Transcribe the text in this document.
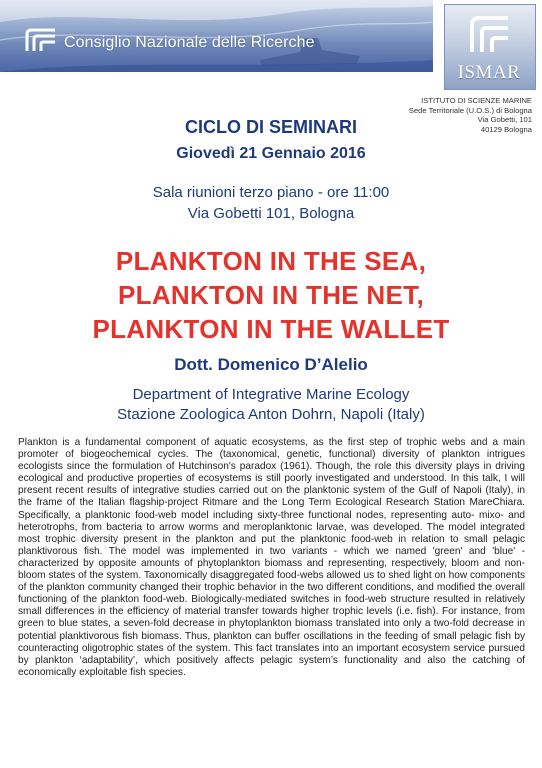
Consiglio Nazionale delle Ricerche
ISMAR
ISTITUTO DI SCIENZE MARINE
Sede Territoriale (U.O.S.) di Bologna
Via Gobetti, 101
40129 Bologna
CICLO DI SEMINARI
Giovedì 21 Gennaio 2016
Sala riunioni terzo piano - ore 11:00
Via Gobetti 101, Bologna
PLANKTON IN THE SEA,
PLANKTON IN THE NET,
PLANKTON IN THE WALLET
Dott. Domenico D’Alelio
Department of Integrative Marine Ecology
Stazione Zoologica Anton Dohrn, Napoli (Italy)
Plankton is a fundamental component of aquatic ecosystems, as the first step of trophic webs and a main promoter of biogeochemical cycles. The (taxonomical, genetic, functional) diversity of plankton intrigues ecologists since the formulation of Hutchinson's paradox (1961). Though, the role this diversity plays in driving ecological and productive properties of ecosystems is still poorly investigated and understood. In this talk, I will present recent results of integrative studies carried out on the planktonic system of the Gulf of Napoli (Italy), in the frame of the Italian flagship-project Ritmare and the Long Term Ecological Research Station MareChiara. Specifically, a planktonic food-web model including sixty-three functional nodes, representing auto- mixo- and heterotrophs, from bacteria to arrow worms and meroplanktonic larvae, was developed. The model integrated most trophic diversity present in the plankton and put the planktonic food-web in relation to small pelagic planktivorous fish. The model was implemented in two variants - which we named 'green' and 'blue' - characterized by opposite amounts of phytoplankton biomass and representing, respectively, bloom and non-bloom states of the system. Taxonomically disaggregated food-webs allowed us to shed light on how components of the plankton community changed their trophic behavior in the two different conditions, and modified the overall functioning of the plankton food-web. Biologically-mediated switches in food-web structure resulted in relatively small differences in the efficiency of material transfer towards higher trophic levels (i.e. fish). For instance, from green to blue states, a seven-fold decrease in phytoplankton biomass translated into only a two-fold decrease in potential planktivorous fish biomass. Thus, plankton can buffer oscillations in the feeding of small pelagic fish by counteracting oligotrophic states of the system. This fact translates into an important ecosystem service pursued by plankton ‘adaptability’, which positively affects pelagic system’s functionality and also the catching of economically exploitable fish species.
